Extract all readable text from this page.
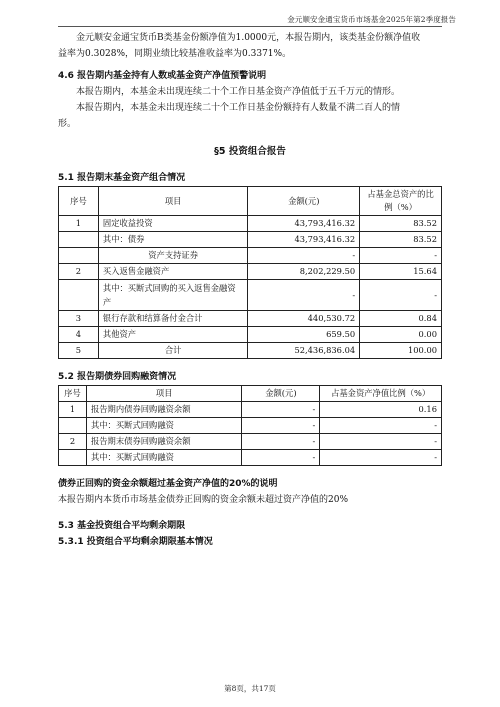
金元顺安金通宝货币市场基金2025年第2季度报告

金元顺安金通宝货币B类基金份额净值为1.0000元，本报告期内，该类基金份额净值收

益率为0.3028%，同期业绩比较基准收益率为0.3371%。

4.6 报告期内基金持有人数或基金资产净值预警说明

本报告期内，本基金未出现连续二十个工作日基金资产净值低于五千万元的情形。

本报告期内，本基金未出现连续二十个工作日基金份额持有人数量不满二百人的情

形。

§5 投资组合报告

5.1 报告期末基金资产组合情况

序号	项目	金额(元)	占基金总资产的比例（%）
1	固定收益投资	43,793,416.32	83.52
	其中：债券	43,793,416.32	83.52
	资产支持证券	-	-
2	买入返售金融资产	8,202,229.50	15.64
	其中：买断式回购的买入返售金融资产	-	-
3	银行存款和结算备付金合计	440,530.72	0.84
4	其他资产	659.50	0.00
5	合计	52,436,836.04	100.00

5.2 报告期债券回购融资情况

序号	项目	金额(元)	占基金资产净值比例（%）
1	报告期内债券回购融资余额	-	0.16
	其中：买断式回购融资	-	-
2	报告期末债券回购融资余额	-	-
	其中：买断式回购融资	-	-

债券正回购的资金余额超过基金资产净值的20%的说明

本报告期内本货币市场基金债券正回购的资金余额未超过资产净值的20%

5.3 基金投资组合平均剩余期限

5.3.1 投资组合平均剩余期限基本情况

第8页，共17页
